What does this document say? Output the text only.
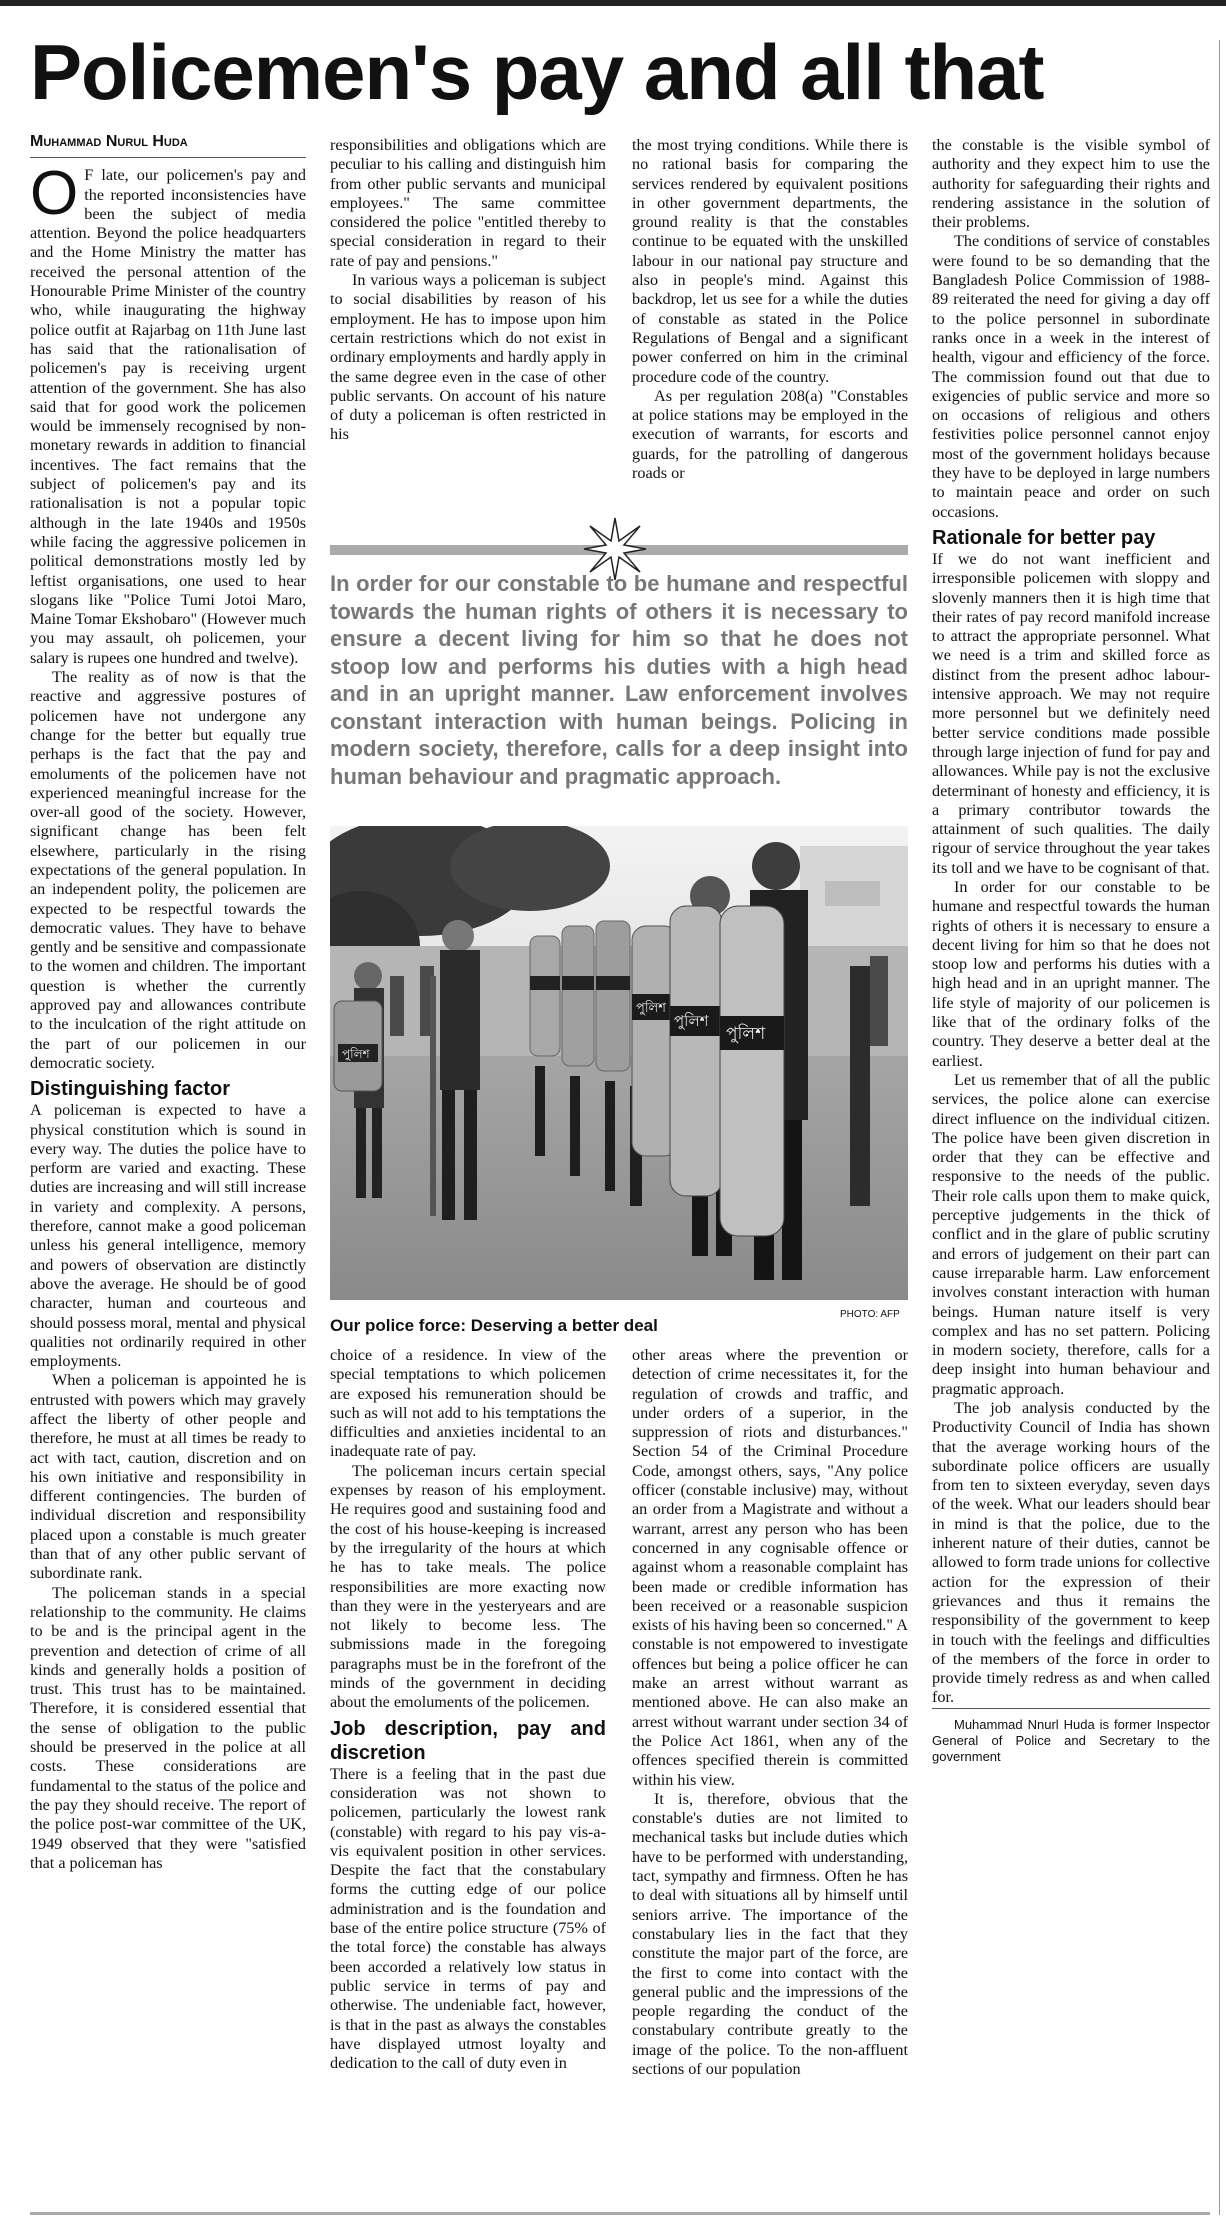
Policemen's pay and all that
Muhammad Nurul Huda

O F late, our policemen's pay and the reported inconsistencies have been the subject of media attention. Beyond the police headquarters and the Home Ministry the matter has received the personal attention of the Honourable Prime Minister of the country who, while inaugurating the highway police outfit at Rajarbag on 11th June last has said that the rationalisation of policemen's pay is receiving urgent attention of the government. She has also said that for good work the policemen would be immensely recognised by non-monetary rewards in addition to financial incentives. The fact remains that the subject of policemen's pay and its rationalisation is not a popular topic although in the late 1940s and 1950s while facing the aggressive policemen in political demonstrations mostly led by leftist organisations, one used to hear slogans like "Police Tumi Jotoi Maro, Maine Tomar Ekshobaro" (However much you may assault, oh policemen, your salary is rupees one hundred and twelve).

The reality as of now is that the reactive and aggressive postures of policemen have not undergone any change for the better but equally true perhaps is the fact that the pay and emoluments of the policemen have not experienced meaningful increase for the over-all good of the society. However, significant change has been felt elsewhere, particularly in the rising expectations of the general population. In an independent polity, the policemen are expected to be respectful towards the democratic values. They have to behave gently and be sensitive and compassionate to the women and children. The important question is whether the currently approved pay and allowances contribute to the inculcation of the right attitude on the part of our policemen in our democratic society.

Distinguishing factor

A policeman is expected to have a physical constitution which is sound in every way. The duties the police have to perform are varied and exacting. These duties are increasing and will still increase in variety and complexity. A persons, therefore, cannot make a good policeman unless his general intelligence, memory and powers of observation are distinctly above the average. He should be of good character, human and courteous and should possess moral, mental and physical qualities not ordinarily required in other employments.

When a policeman is appointed he is entrusted with powers which may gravely affect the liberty of other people and therefore, he must at all times be ready to act with tact, caution, discretion and on his own initiative and responsibility in different contingencies. The burden of individual discretion and responsibility placed upon a constable is much greater than that of any other public servant of subordinate rank.

The policeman stands in a special relationship to the community. He claims to be and is the principal agent in the prevention and detection of crime of all kinds and generally holds a position of trust. This trust has to be maintained. Therefore, it is considered essential that the sense of obligation to the public should be preserved in the police at all costs. These considerations are fundamental to the status of the police and the pay they should receive. The report of the police post-war committee of the UK, 1949 observed that they were "satisfied that a policeman has

responsibilities and obligations which are peculiar to his calling and distinguish him from other public servants and municipal employees." The same committee considered the police "entitled thereby to special consideration in regard to their rate of pay and pensions."

In various ways a policeman is subject to social disabilities by reason of his employment. He has to impose upon him certain restrictions which do not exist in ordinary employments and hardly apply in the same degree even in the case of other public servants. On account of his nature of duty a policeman is often restricted in his

the most trying conditions. While there is no rational basis for comparing the services rendered by equivalent positions in other government departments, the ground reality is that the constables continue to be equated with the unskilled labour in our national pay structure and also in people's mind. Against this backdrop, let us see for a while the duties of constable as stated in the Police Regulations of Bengal and a significant power conferred on him in the criminal procedure code of the country.

As per regulation 208(a) "Constables at police stations may be employed in the execution of warrants, for escorts and guards, for the patrolling of dangerous roads or

In order for our constable to be humane and respectful towards the human rights of others it is necessary to ensure a decent living for him so that he does not stoop low and performs his duties with a high head and in an upright manner. Law enforcement involves constant interaction with human beings. Policing in modern society, therefore, calls for a deep insight into human behaviour and pragmatic approach.

পুলিশ
পুলিশ
পুলিশ
পুলিশ
PHOTO: AFP
Our police force: Deserving a better deal

choice of a residence. In view of the special temptations to which policemen are exposed his remuneration should be such as will not add to his temptations the difficulties and anxieties incidental to an inadequate rate of pay.

The policeman incurs certain special expenses by reason of his employment. He requires good and sustaining food and the cost of his house-keeping is increased by the irregularity of the hours at which he has to take meals. The police responsibilities are more exacting now than they were in the yesteryears and are not likely to become less. The submissions made in the foregoing paragraphs must be in the forefront of the minds of the government in deciding about the emoluments of the policemen.

Job description, pay and discretion

There is a feeling that in the past due consideration was not shown to policemen, particularly the lowest rank (constable) with regard to his pay vis-a-vis equivalent position in other services. Despite the fact that the constabulary forms the cutting edge of our police administration and is the foundation and base of the entire police structure (75% of the total force) the constable has always been accorded a relatively low status in public service in terms of pay and otherwise. The undeniable fact, however, is that in the past as always the constables have displayed utmost loyalty and dedication to the call of duty even in

other areas where the prevention or detection of crime necessitates it, for the regulation of crowds and traffic, and under orders of a superior, in the suppression of riots and disturbances." Section 54 of the Criminal Procedure Code, amongst others, says, "Any police officer (constable inclusive) may, without an order from a Magistrate and without a warrant, arrest any person who has been concerned in any cognisable offence or against whom a reasonable complaint has been made or credible information has been received or a reasonable suspicion exists of his having been so concerned." A constable is not empowered to investigate offences but being a police officer he can make an arrest without warrant as mentioned above. He can also make an arrest without warrant under section 34 of the Police Act 1861, when any of the offences specified therein is committed within his view.

It is, therefore, obvious that the constable's duties are not limited to mechanical tasks but include duties which have to be performed with understanding, tact, sympathy and firmness. Often he has to deal with situations all by himself until seniors arrive. The importance of the constabulary lies in the fact that they constitute the major part of the force, are the first to come into contact with the general public and the impressions of the people regarding the conduct of the constabulary contribute greatly to the image of the police. To the non-affluent sections of our population

the constable is the visible symbol of authority and they expect him to use the authority for safeguarding their rights and rendering assistance in the solution of their problems.

The conditions of service of constables were found to be so demanding that the Bangladesh Police Commission of 1988-89 reiterated the need for giving a day off to the police personnel in subordinate ranks once in a week in the interest of health, vigour and efficiency of the force. The commission found out that due to exigencies of public service and more so on occasions of religious and others festivities police personnel cannot enjoy most of the government holidays because they have to be deployed in large numbers to maintain peace and order on such occasions.

Rationale for better pay

If we do not want inefficient and irresponsible policemen with sloppy and slovenly manners then it is high time that their rates of pay record manifold increase to attract the appropriate personnel. What we need is a trim and skilled force as distinct from the present adhoc labour-intensive approach. We may not require more personnel but we definitely need better service conditions made possible through large injection of fund for pay and allowances. While pay is not the exclusive determinant of honesty and efficiency, it is a primary contributor towards the attainment of such qualities. The daily rigour of service throughout the year takes its toll and we have to be cognisant of that.

In order for our constable to be humane and respectful towards the human rights of others it is necessary to ensure a decent living for him so that he does not stoop low and performs his duties with a high head and in an upright manner. The life style of majority of our policemen is like that of the ordinary folks of the country. They deserve a better deal at the earliest.

Let us remember that of all the public services, the police alone can exercise direct influence on the individual citizen. The police have been given discretion in order that they can be effective and responsive to the needs of the public. Their role calls upon them to make quick, perceptive judgements in the thick of conflict and in the glare of public scrutiny and errors of judgement on their part can cause irreparable harm. Law enforcement involves constant interaction with human beings. Human nature itself is very complex and has no set pattern. Policing in modern society, therefore, calls for a deep insight into human behaviour and pragmatic approach.

The job analysis conducted by the Productivity Council of India has shown that the average working hours of the subordinate police officers are usually from ten to sixteen everyday, seven days of the week. What our leaders should bear in mind is that the police, due to the inherent nature of their duties, cannot be allowed to form trade unions for collective action for the expression of their grievances and thus it remains the responsibility of the government to keep in touch with the feelings and difficulties of the members of the force in order to provide timely redress as and when called for.

Muhammad Nnurl Huda is former Inspector General of Police and Secretary to the government
